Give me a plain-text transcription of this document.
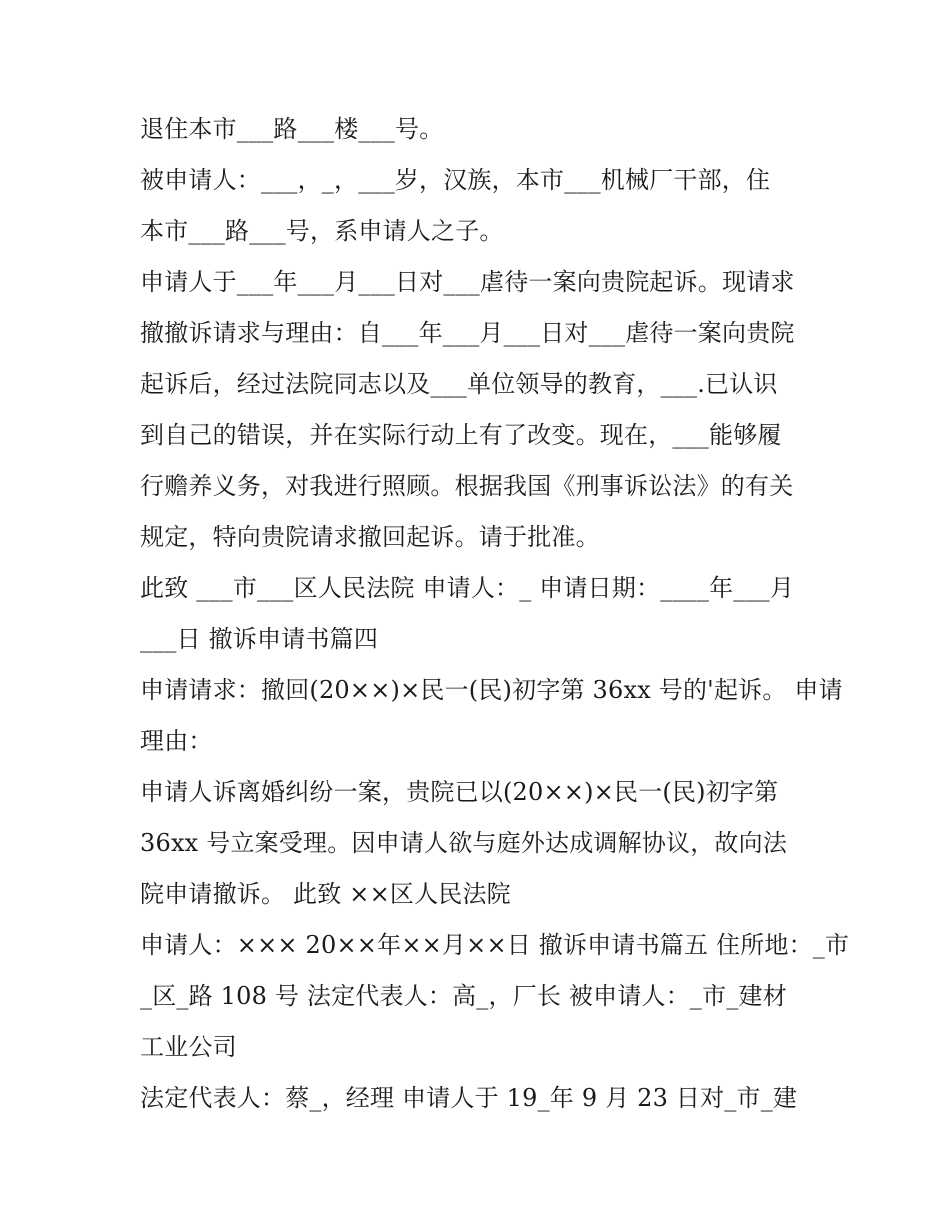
退住本市___路___楼___号。
被申请人：___，_，___岁，汉族，本市___机械厂干部，住
本市___路___号，系申请人之子。
申请人于___年___月___日对___虐待一案向贵院起诉。现请求
撤撤诉请求与理由：自___年___月___日对___虐待一案向贵院
起诉后，经过法院同志以及___单位领导的教育，___.已认识
到自己的错误，并在实际行动上有了改变。现在，___能够履
行赡养义务，对我进行照顾。根据我国《刑事诉讼法》的有关
规定，特向贵院请求撤回起诉。请于批准。
此致 ___市___区人民法院 申请人：_ 申请日期：____年___月
___日 撤诉申请书篇四
申请请求：撤回(20××)×民一(民)初字第 36xx 号的'起诉。 申请
理由：
申请人诉离婚纠纷一案，贵院已以(20××)×民一(民)初字第
36xx 号立案受理。因申请人欲与庭外达成调解协议，故向法
院申请撤诉。 此致 ××区人民法院
申请人：××× 20××年××月××日 撤诉申请书篇五 住所地：_市
_区_路 108 号 法定代表人：高_，厂长 被申请人：_市_建材
工业公司
法定代表人：蔡_，经理 申请人于 19_年 9 月 23 日对_市_建
